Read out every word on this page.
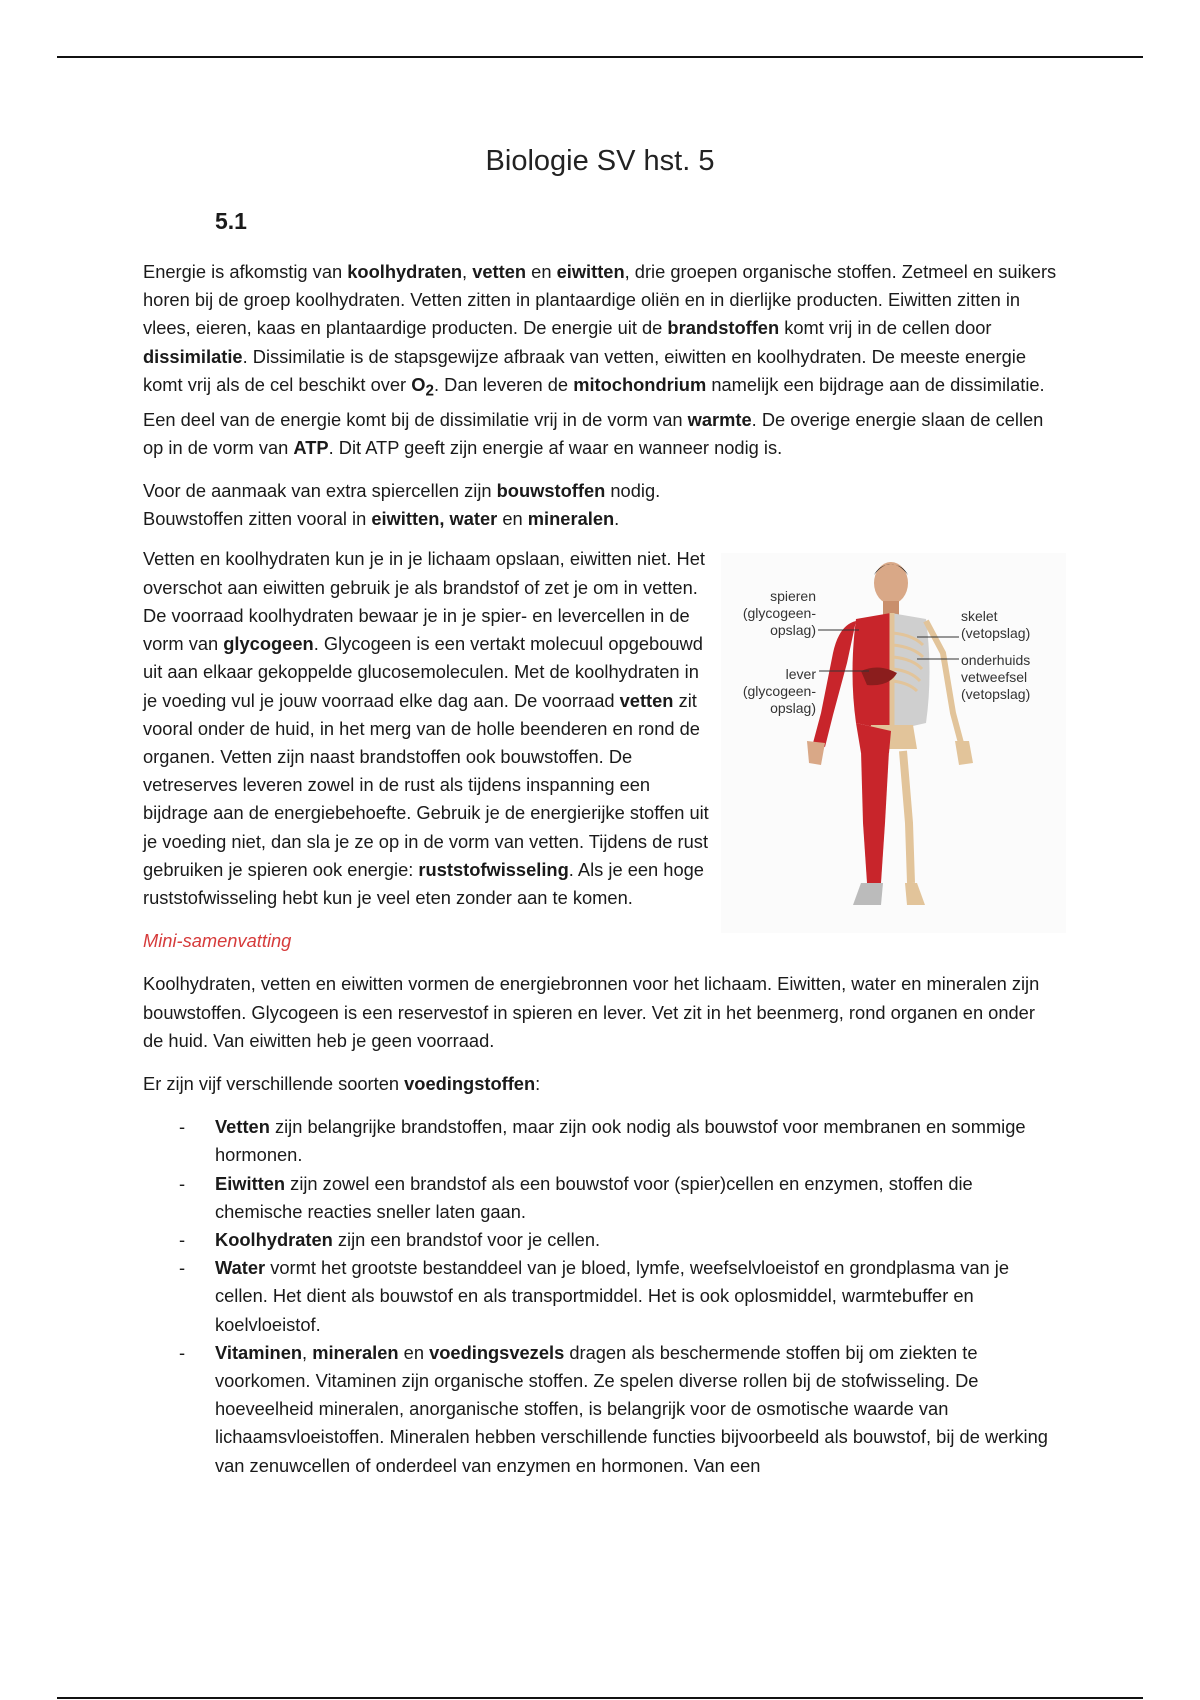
Biologie SV hst. 5
5.1

Energie is afkomstig van koolhydraten, vetten en eiwitten, drie groepen organische stoffen. Zetmeel en suikers horen bij de groep koolhydraten. Vetten zitten in plantaardige oliën en in dierlijke producten. Eiwitten zitten in vlees, eieren, kaas en plantaardige producten. De energie uit de brandstoffen komt vrij in de cellen door dissimilatie. Dissimilatie is de stapsgewijze afbraak van vetten, eiwitten en koolhydraten. De meeste energie komt vrij als de cel beschikt over $O_2$. Dan leveren de mitochondrium namelijk een bijdrage aan de dissimilatie. Een deel van de energie komt bij de dissimilatie vrij in de vorm van warmte. De overige energie slaan de cellen op in de vorm van ATP. Dit ATP geeft zijn energie af waar en wanneer nodig is.

Voor de aanmaak van extra spiercellen zijn bouwstoffen nodig. Bouwstoffen zitten vooral in eiwitten, water en mineralen.

spieren
(glycogeen-
opslag)
lever
(glycogeen-
opslag)
skelet
(vetopslag)
onderhuids
vetweefsel
(vetopslag)

Vetten en koolhydraten kun je in je lichaam opslaan, eiwitten niet. Het overschot aan eiwitten gebruik je als brandstof of zet je om in vetten. De voorraad koolhydraten bewaar je in je spier- en levercellen in de vorm van glycogeen. Glycogeen is een vertakt molecuul opgebouwd uit aan elkaar gekoppelde glucosemoleculen. Met de koolhydraten in je voeding vul je jouw voorraad elke dag aan. De voorraad vetten zit vooral onder de huid, in het merg van de holle beenderen en rond de organen. Vetten zijn naast brandstoffen ook bouwstoffen. De vetreserves leveren zowel in de rust als tijdens inspanning een bijdrage aan de energiebehoefte. Gebruik je de energierijke stoffen uit je voeding niet, dan sla je ze op in de vorm van vetten. Tijdens de rust gebruiken je spieren ook energie: ruststofwisseling. Als je een hoge ruststofwisseling hebt kun je veel eten zonder aan te komen.

Mini-samenvatting

Koolhydraten, vetten en eiwitten vormen de energiebronnen voor het lichaam. Eiwitten, water en mineralen zijn bouwstoffen. Glycogeen is een reservestof in spieren en lever. Vet zit in het beenmerg, rond organen en onder de huid. Van eiwitten heb je geen voorraad.

Er zijn vijf verschillende soorten voedingstoffen:

- Vetten zijn belangrijke brandstoffen, maar zijn ook nodig als bouwstof voor membranen en sommige hormonen.
- Eiwitten zijn zowel een brandstof als een bouwstof voor (spier)cellen en enzymen, stoffen die chemische reacties sneller laten gaan.
- Koolhydraten zijn een brandstof voor je cellen.
- Water vormt het grootste bestanddeel van je bloed, lymfe, weefselvloeistof en grondplasma van je cellen. Het dient als bouwstof en als transportmiddel. Het is ook oplosmiddel, warmtebuffer en koelvloeistof.
- Vitaminen, mineralen en voedingsvezels dragen als beschermende stoffen bij om ziekten te voorkomen. Vitaminen zijn organische stoffen. Ze spelen diverse rollen bij de stofwisseling. De hoeveelheid mineralen, anorganische stoffen, is belangrijk voor de osmotische waarde van lichaamsvloeistoffen. Mineralen hebben verschillende functies bijvoorbeeld als bouwstof, bij de werking van zenuwcellen of onderdeel van enzymen en hormonen. Van een
